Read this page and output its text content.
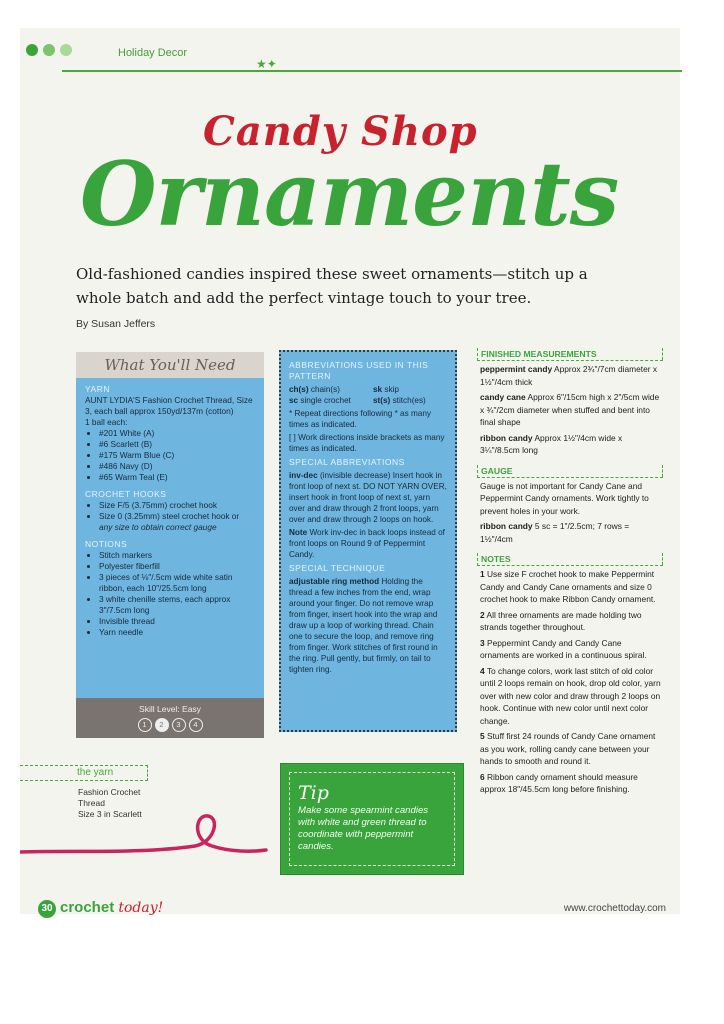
Holiday Decor
★✦
Candy Shop
Ornaments
Old-fashioned candies inspired these sweet ornaments—stitch up a whole batch and add the perfect vintage touch to your tree.
By Susan Jeffers
What You'll Need
YARN
AUNT LYDIA'S Fashion Crochet Thread, Size 3, each ball approx 150yd/137m (cotton)
1 ball each:
• #201 White (A)
• #6 Scarlett (B)
• #175 Warm Blue (C)
• #486 Navy (D)
• #65 Warm Teal (E)
CROCHET HOOKS
• Size F/5 (3.75mm) crochet hook
• Size 0 (3.25mm) steel crochet hook or
any size to obtain correct gauge
NOTIONS
• Stitch markers
• Polyester fiberfill
• 3 pieces of ⅛"/.5cm wide white satin ribbon, each 10"/25.5cm long
• 3 white chenille stems, each approx 3"/7.5cm long
• Invisible thread
• Yarn needle
Skill Level: Easy
1	2	3	4
ABBREVIATIONS USED IN THIS PATTERN
ch(s) chain(s)	sk skip
sc single crochet	st(s) stitch(es)

* Repeat directions following * as many times as indicated.

[ ] Work directions inside brackets as many times as indicated.

SPECIAL ABBREVIATIONS

inv-dec (invisible decrease) Insert hook in front loop of next st. DO NOT YARN OVER, insert hook in front loop of next st, yarn over and draw through 2 front loops, yarn over and draw through 2 loops on hook.

Note Work inv-dec in back loops instead of front loops on Round 9 of Peppermint Candy.

SPECIAL TECHNIQUE

adjustable ring method Holding the thread a few inches from the end, wrap around your finger. Do not remove wrap from finger, insert hook into the wrap and draw up a loop of working thread. Chain one to secure the loop, and remove ring from finger. Work stitches of first round in the ring. Pull gently, but firmly, on tail to tighten ring.

FINISHED MEASUREMENTS

peppermint candy Approx 2¾"/7cm diameter x 1½"/4cm thick

candy cane Approx 6"/15cm high x 2"/5cm wide x ¾"/2cm diameter when stuffed and bent into final shape

ribbon candy Approx 1½"/4cm wide x 3¼"/8.5cm long

GAUGE

Gauge is not important for Candy Cane and Peppermint Candy ornaments. Work tightly to prevent holes in your work.

ribbon candy 5 sc = 1"/2.5cm; 7 rows = 1½"/4cm

NOTES

1 Use size F crochet hook to make Peppermint Candy and Candy Cane ornaments and size 0 crochet hook to make Ribbon Candy ornament.

2 All three ornaments are made holding two strands together throughout.

3 Peppermint Candy and Candy Cane ornaments are worked in a continuous spiral.

4 To change colors, work last stitch of old color until 2 loops remain on hook, drop old color, yarn over with new color and draw through 2 loops on hook. Continue with new color until next color change.

5 Stuff first 24 rounds of Candy Cane ornament as you work, rolling candy cane between your hands to smooth and round it.

6 Ribbon candy ornament should measure approx 18"/45.5cm long before finishing.

the yarn
Fashion Crochet Thread
Size 3 in Scarlett
Tip
Make some spearmint candies with white and green thread to coordinate with peppermint candies.
30 crochet today!	www.crochettoday.com
